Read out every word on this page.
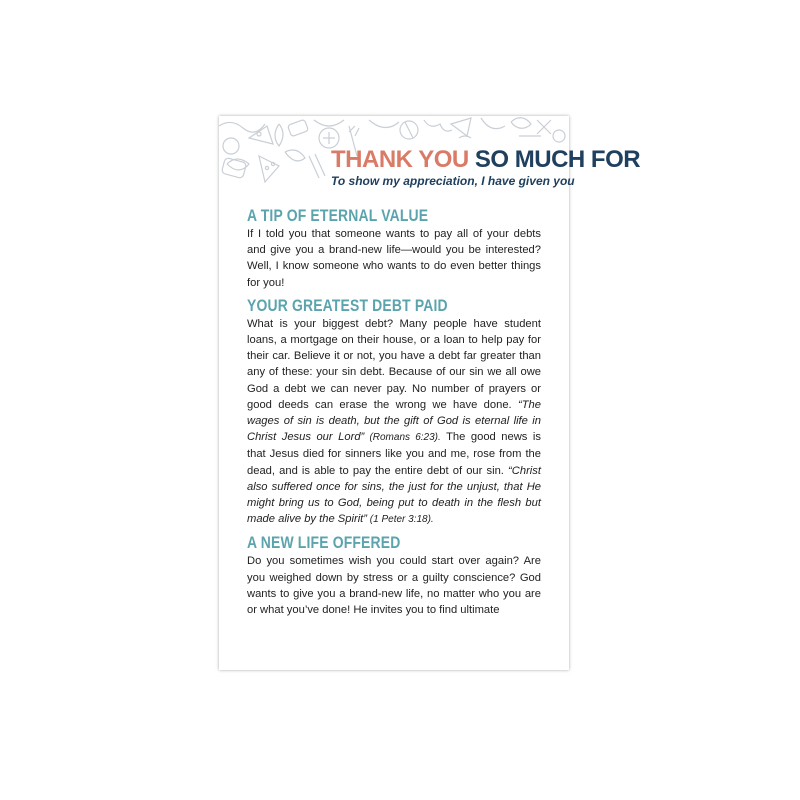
THANK YOU SO MUCH FOR
To show my appreciation, I have given you
A TIP OF ETERNAL VALUE

If I told you that someone wants to pay all of your debts and give you a brand-new life—would you be interested? Well, I know someone who wants to do even better things for you!

YOUR GREATEST DEBT PAID

What is your biggest debt? Many people have student loans, a mortgage on their house, or a loan to help pay for their car. Believe it or not, you have a debt far greater than any of these: your sin debt. Because of our sin we all owe God a debt we can never pay. No number of prayers or good deeds can erase the wrong we have done. “The wages of sin is death, but the gift of God is eternal life in Christ Jesus our Lord” (Romans 6:23). The good news is that Jesus died for sinners like you and me, rose from the dead, and is able to pay the entire debt of our sin. “Christ also suffered once for sins, the just for the unjust, that He might bring us to God, being put to death in the flesh but made alive by the Spirit” (1 Peter 3:18).

A NEW LIFE OFFERED

Do you sometimes wish you could start over again? Are you weighed down by stress or a guilty conscience? God wants to give you a brand-new life, no matter who you are or what you’ve done! He invites you to find ultimate
